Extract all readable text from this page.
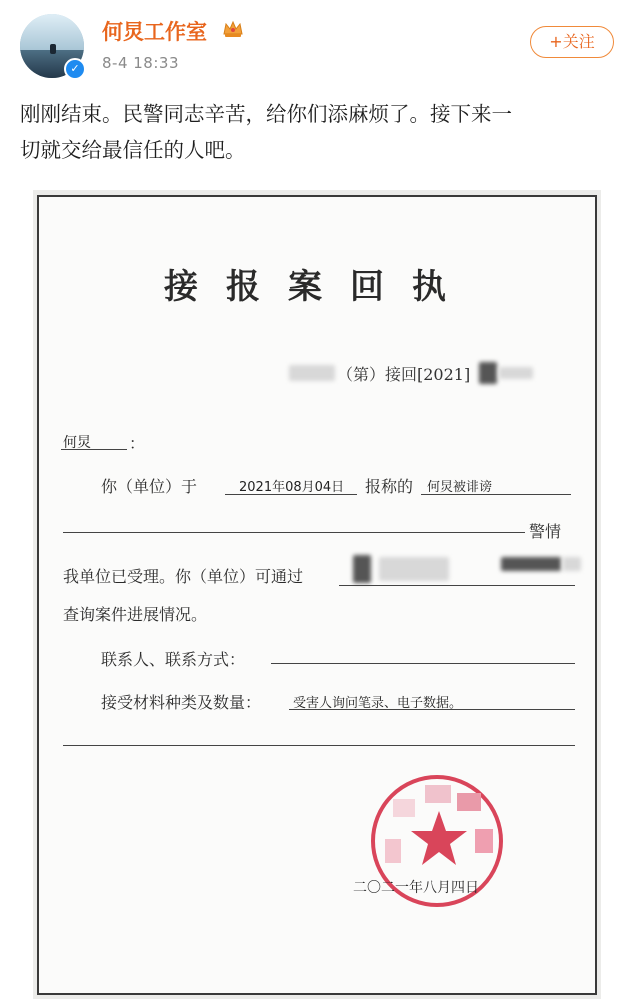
✓
何炅工作室
8-4 18:33
+关注
刚刚结束。民警同志辛苦，给你们添麻烦了。接下来一
切就交给最信任的人吧。
接报案回执
（第）接回[2021]
何炅 ：
你（单位）于	2021年08月04日 报称的 何炅被诽谤
警情
我单位已受理。你（单位）可通过
查询案件进展情况。
联系人、联系方式：
接受材料种类及数量： 受害人询问笔录、电子数据。
二〇二一年八月四日
